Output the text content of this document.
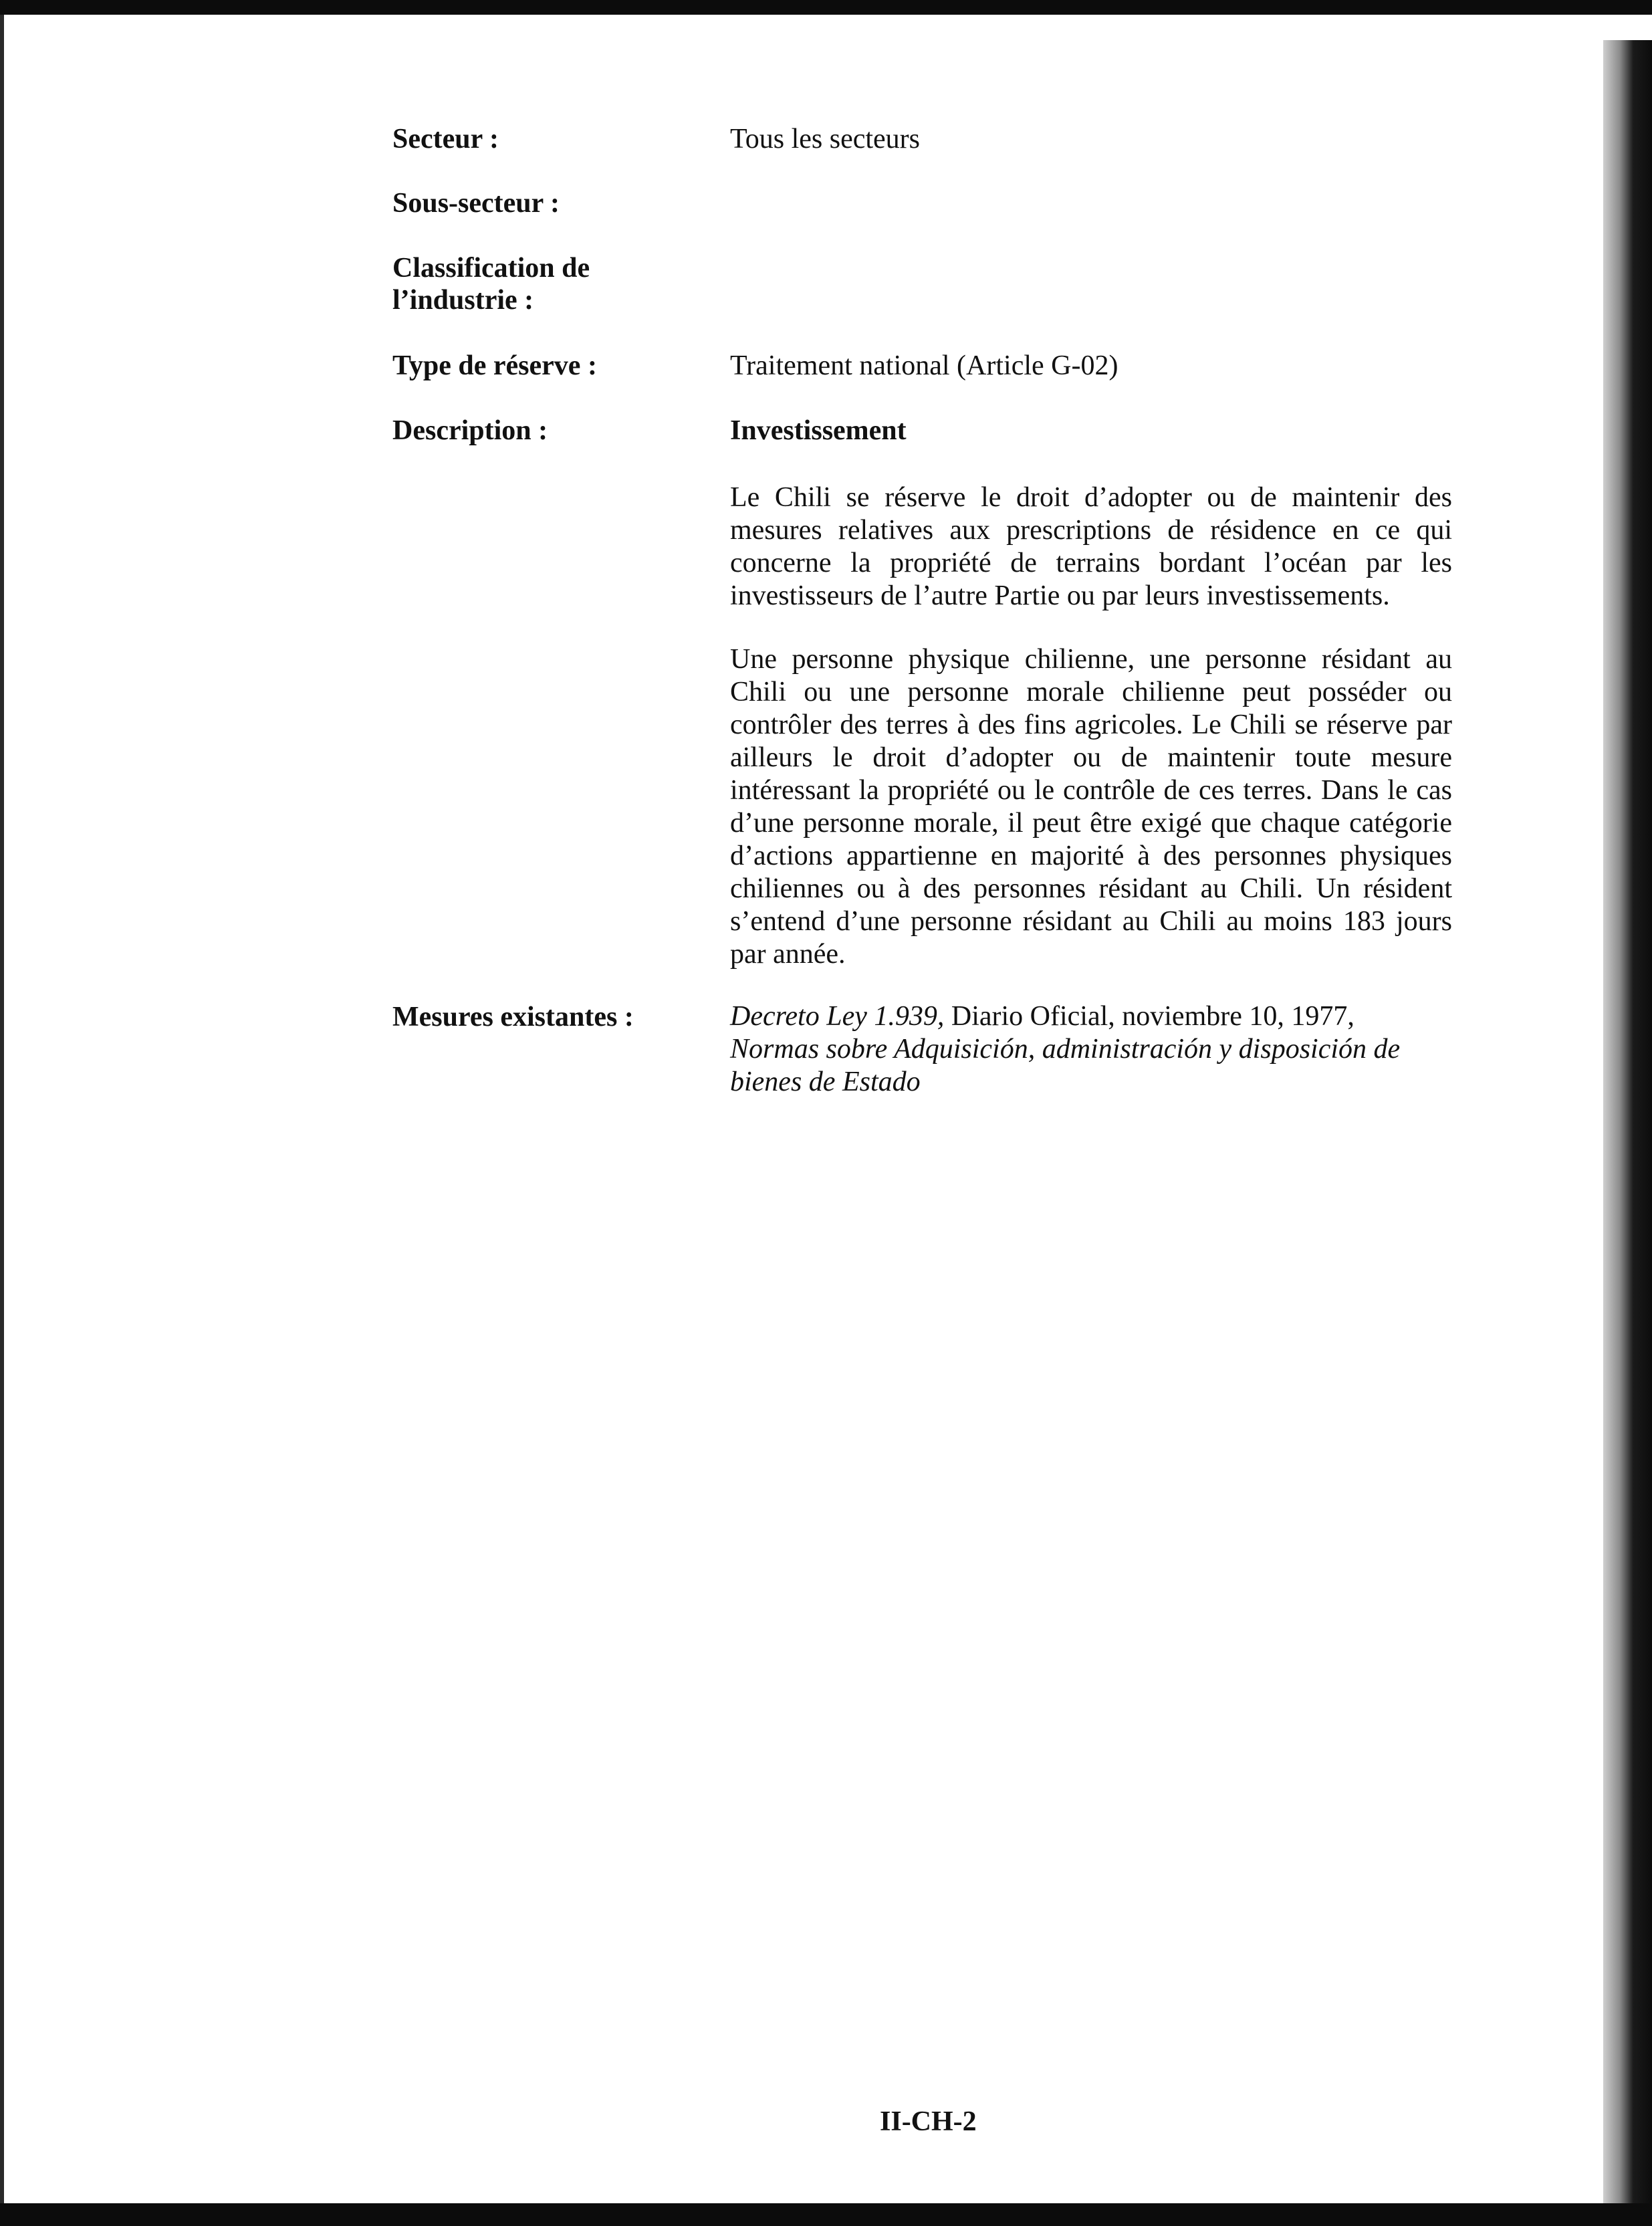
Secteur :	Tous les secteurs
Sous-secteur :
Classification de
l’industrie :
Type de réserve :	Traitement national (Article G-02)
Description :	Investissement

Le Chili se réserve le droit d’adopter ou de maintenir des mesures relatives aux prescriptions de résidence en ce qui concerne la propriété de terrains bordant l’océan par les investisseurs de l’autre Partie ou par leurs investissements.

Une personne physique chilienne, une personne résidant au Chili ou une personne morale chilienne peut posséder ou contrôler des terres à des fins agricoles. Le Chili se réserve par ailleurs le droit d’adopter ou de maintenir toute mesure intéressant la propriété ou le contrôle de ces terres. Dans le cas d’une personne morale, il peut être exigé que chaque catégorie d’actions appartienne en majorité à des personnes physiques chiliennes ou à des personnes résidant au Chili. Un résident s’entend d’une personne résidant au Chili au moins 183 jours par année.

Mesures existantes :	Decreto Ley 1.939, Diario Oficial, noviembre 10, 1977,
Normas sobre Adquisición, administración y disposición de bienes de Estado
II-CH-2
